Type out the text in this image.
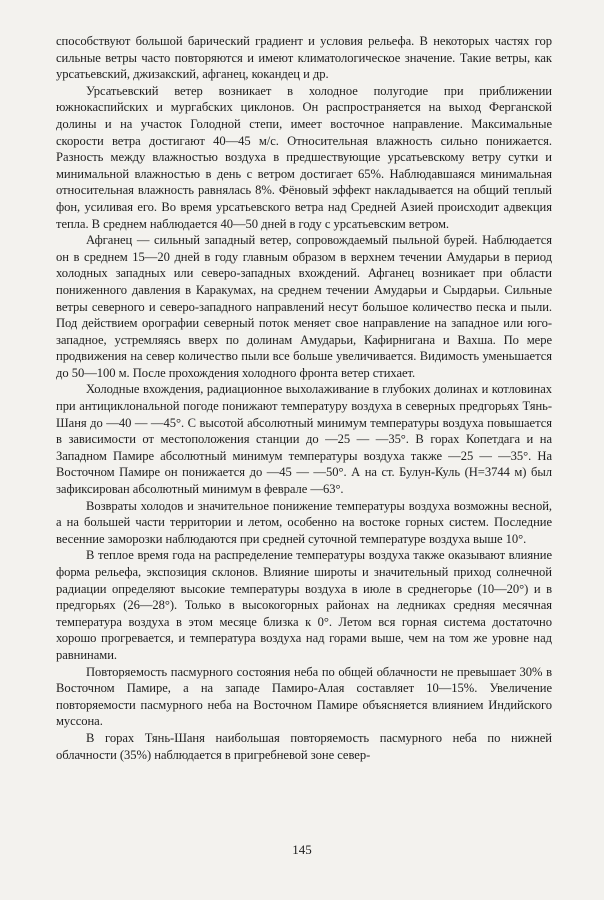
способствуют большой барический градиент и условия рельефа. В некоторых частях гор сильные ветры часто повторяются и имеют климатологическое значение. Такие ветры, как урсатьевский, джизакский, афганец, кокандец и др.

Урсатьевский ветер возникает в холодное полугодие при приближении южнокаспийских и мургабских циклонов. Он распространяется на выход Ферганской долины и на участок Голодной степи, имеет восточное направление. Максимальные скорости ветра достигают 40—45 м/с. Относительная влажность сильно понижается. Разность между влажностью воздуха в предшествующие урсатьевскому ветру сутки и минимальной влажностью в день с ветром достигает 65%. Наблюдавшаяся минимальная относительная влажность равнялась 8%. Фёновый эффект накладывается на общий теплый фон, усиливая его. Во время урсатьевского ветра над Средней Азией происходит адвекция тепла. В среднем наблюдается 40—50 дней в году с урсатьевским ветром.

Афганец — сильный западный ветер, сопровождаемый пыльной бурей. Наблюдается он в среднем 15—20 дней в году главным образом в верхнем течении Амударьи в период холодных западных или северо-западных вхождений. Афганец возникает при области пониженного давления в Каракумах, на среднем течении Амударьи и Сырдарьи. Сильные ветры северного и северо-западного направлений несут большое количество песка и пыли. Под действием орографии северный поток меняет свое направление на западное или юго-западное, устремляясь вверх по долинам Амударьи, Кафирнигана и Вахша. По мере продвижения на север количество пыли все больше увеличивается. Видимость уменьшается до 50—100 м. После прохождения холодного фронта ветер стихает.

Холодные вхождения, радиационное выхолаживание в глубоких долинах и котловинах при антициклональной погоде понижают температуру воздуха в северных предгорьях Тянь-Шаня до —40 — —45°. С высотой абсолютный минимум температуры воздуха повышается в зависимости от местоположения станции до —25 — —35°. В горах Копетдага и на Западном Памире абсолютный минимум температуры воздуха также —25 — —35°. На Восточном Памире он понижается до —45 — —50°. А на ст. Булун-Куль (H=3744 м) был зафиксирован абсолютный минимум в феврале —63°.

Возвраты холодов и значительное понижение температуры воздуха возможны весной, а на большей части территории и летом, особенно на востоке горных систем. Последние весенние заморозки наблюдаются при средней суточной температуре воздуха выше 10°.

В теплое время года на распределение температуры воздуха также оказывают влияние форма рельефа, экспозиция склонов. Влияние широты и значительный приход солнечной радиации определяют высокие температуры воздуха в июле в среднегорье (10—20°) и в предгорьях (26—28°). Только в высокогорных районах на ледниках средняя месячная температура воздуха в этом месяце близка к 0°. Летом вся горная система достаточно хорошо прогревается, и температура воздуха над горами выше, чем на том же уровне над равнинами.

Повторяемость пасмурного состояния неба по общей облачности не превышает 30% в Восточном Памире, а на западе Памиро-Алая составляет 10—15%. Увеличение повторяемости пасмурного неба на Восточном Памире объясняется влиянием Индийского муссона.

В горах Тянь-Шаня наибольшая повторяемость пасмурного неба по нижней облачности (35%) наблюдается в пригребневой зоне север-

145
